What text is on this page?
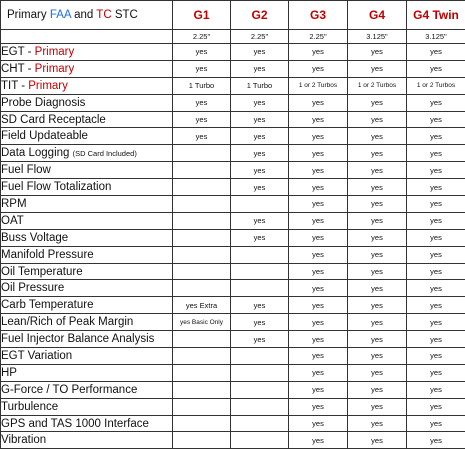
Primary FAA and TC STC	G1	G2	G3	G4	G4 Twin
	2.25"	2.25"	2.25"	3.125"	3.125"
EGT - Primary	yes	yes	yes	yes	yes
CHT - Primary	yes	yes	yes	yes	yes
TIT - Primary	1 Turbo	1 Turbo	1 or 2 Turbos	1 or 2 Turbos	1 or 2 Turbos
Probe Diagnosis	yes	yes	yes	yes	yes
SD Card Receptacle	yes	yes	yes	yes	yes
Field Updateable	yes	yes	yes	yes	yes
Data Logging (SD Card Included)		yes	yes	yes	yes
Fuel Flow		yes	yes	yes	yes
Fuel Flow Totalization		yes	yes	yes	yes
RPM			yes	yes	yes
OAT		yes	yes	yes	yes
Buss Voltage		yes	yes	yes	yes
Manifold Pressure			yes	yes	yes
Oil Temperature			yes	yes	yes
Oil Pressure			yes	yes	yes
Carb Temperature	yes Extra	yes	yes	yes	yes
Lean/Rich of Peak Margin	yes Basic Only	yes	yes	yes	yes
Fuel Injector Balance Analysis		yes	yes	yes	yes
EGT Variation			yes	yes	yes
HP			yes	yes	yes
G-Force / TO Performance			yes	yes	yes
Turbulence			yes	yes	yes
GPS and TAS 1000 Interface			yes	yes	yes
Vibration			yes	yes	yes
